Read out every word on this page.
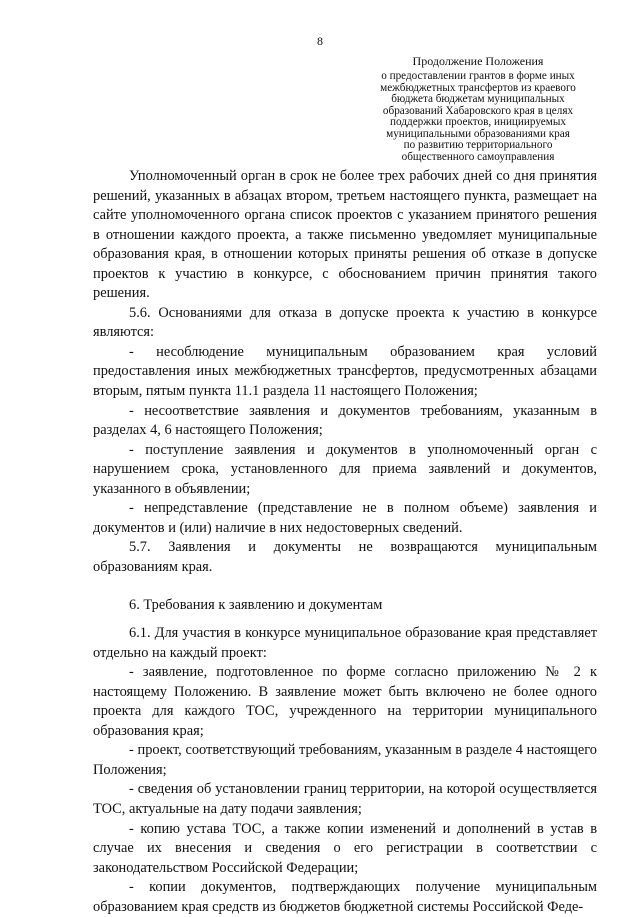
8
Продолжение Положения
о предоставлении грантов в форме иных
межбюджетных трансфертов из краевого
бюджета бюджетам муниципальных
образований Хабаровского края в целях
поддержки проектов, инициируемых
муниципальными образованиями края
по развитию территориального
общественного самоуправления

Уполномоченный орган в срок не более трех рабочих дней со дня принятия решений, указанных в абзацах втором, третьем настоящего пункта, размещает на сайте уполномоченного органа список проектов с указанием принятого решения в отношении каждого проекта, а также письменно уведомляет муниципальные образования края, в отношении которых приняты решения об отказе в допуске проектов к участию в конкурсе, с обоснованием причин принятия такого решения.

5.6. Основаниями для отказа в допуске проекта к участию в конкурсе являются:

- несоблюдение муниципальным образованием края условий предоставления иных межбюджетных трансфертов, предусмотренных абзацами вторым, пятым пункта 11.1 раздела 11 настоящего Положения;

- несоответствие заявления и документов требованиям, указанным в разделах 4, 6 настоящего Положения;

- поступление заявления и документов в уполномоченный орган с нарушением срока, установленного для приема заявлений и документов, указанного в объявлении;

- непредставление (представление не в полном объеме) заявления и документов и (или) наличие в них недостоверных сведений.

5.7. Заявления и документы не возвращаются муниципальным образованиям края.

6. Требования к заявлению и документам

6.1. Для участия в конкурсе муниципальное образование края представляет отдельно на каждый проект:

- заявление, подготовленное по форме согласно приложению № 2 к настоящему Положению. В заявление может быть включено не более одного проекта для каждого ТОС, учрежденного на территории муниципального образования края;

- проект, соответствующий требованиям, указанным в разделе 4 настоящего Положения;

- сведения об установлении границ территории, на которой осуществляется ТОС, актуальные на дату подачи заявления;

- копию устава ТОС, а также копии изменений и дополнений в устав в случае их внесения и сведения о его регистрации в соответствии с законодательством Российской Федерации;

- копии документов, подтверждающих получение муниципальным образованием края средств из бюджетов бюджетной системы Российской Феде-
